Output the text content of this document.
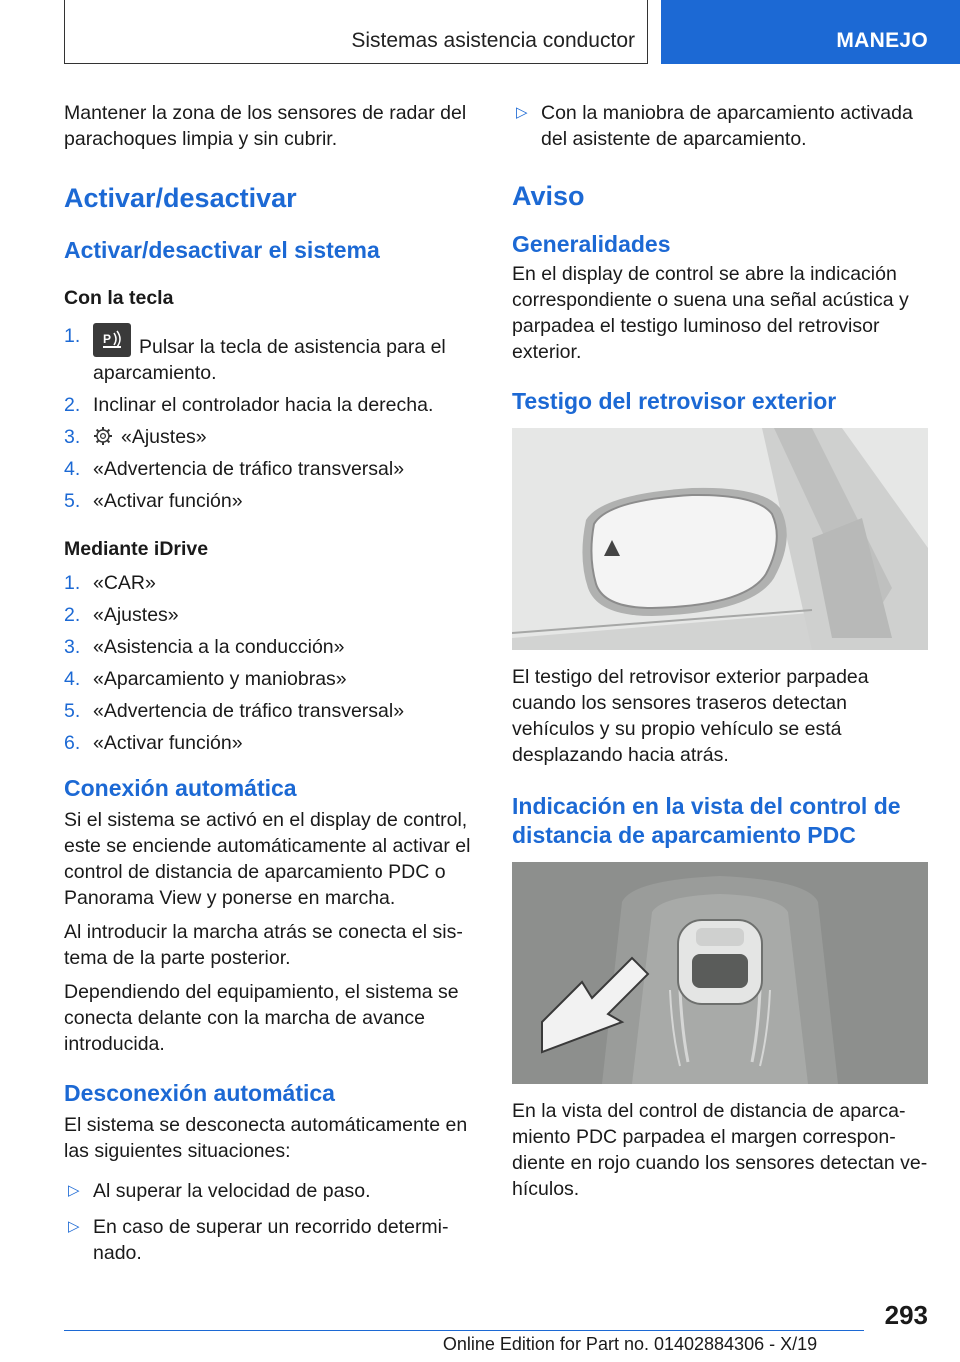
Sistemas asistencia conductor	MANEJO

Mantener la zona de los sensores de radar del parachoques limpia y sin cubrir.

Activar/desactivar
Activar/desactivar el sistema
Con la tecla
1. P Pulsar la tecla de asistencia para el aparcamiento.
2. Inclinar el controlador hacia la derecha.
3. «Ajustes»
4. «Advertencia de tráfico transversal»
5. «Activar función»
Mediante iDrive
1. «CAR»
2. «Ajustes»
3. «Asistencia a la conducción»
4. «Aparcamiento y maniobras»
5. «Advertencia de tráfico transversal»
6. «Activar función»
Conexión automática

Si el sistema se activó en el display de control, este se enciende automáticamente al activar el control de distancia de aparcamiento PDC o Panorama View y ponerse en marcha.

Al introducir la marcha atrás se conecta el sistema de la parte posterior.

Dependiendo del equipamiento, el sistema se conecta delante con la marcha de avance introducida.

Desconexión automática

El sistema se desconecta automáticamente en las siguientes situaciones:

▷ Al superar la velocidad de paso.
▷ En caso de superar un recorrido determinado.
▷ Con la maniobra de aparcamiento activada del asistente de aparcamiento.
Aviso
Generalidades

En el display de control se abre la indicación correspondiente o suena una señal acústica y parpadea el testigo luminoso del retrovisor exterior.

Testigo del retrovisor exterior

El testigo del retrovisor exterior parpadea cuando los sensores traseros detectan vehículos y su propio vehículo se está desplazando hacia atrás.

Indicación en la vista del control de distancia de aparcamiento PDC

En la vista del control de distancia de aparcamiento PDC parpadea el margen correspondiente en rojo cuando los sensores detectan vehículos.

293
Online Edition for Part no. 01402884306 - X/19
